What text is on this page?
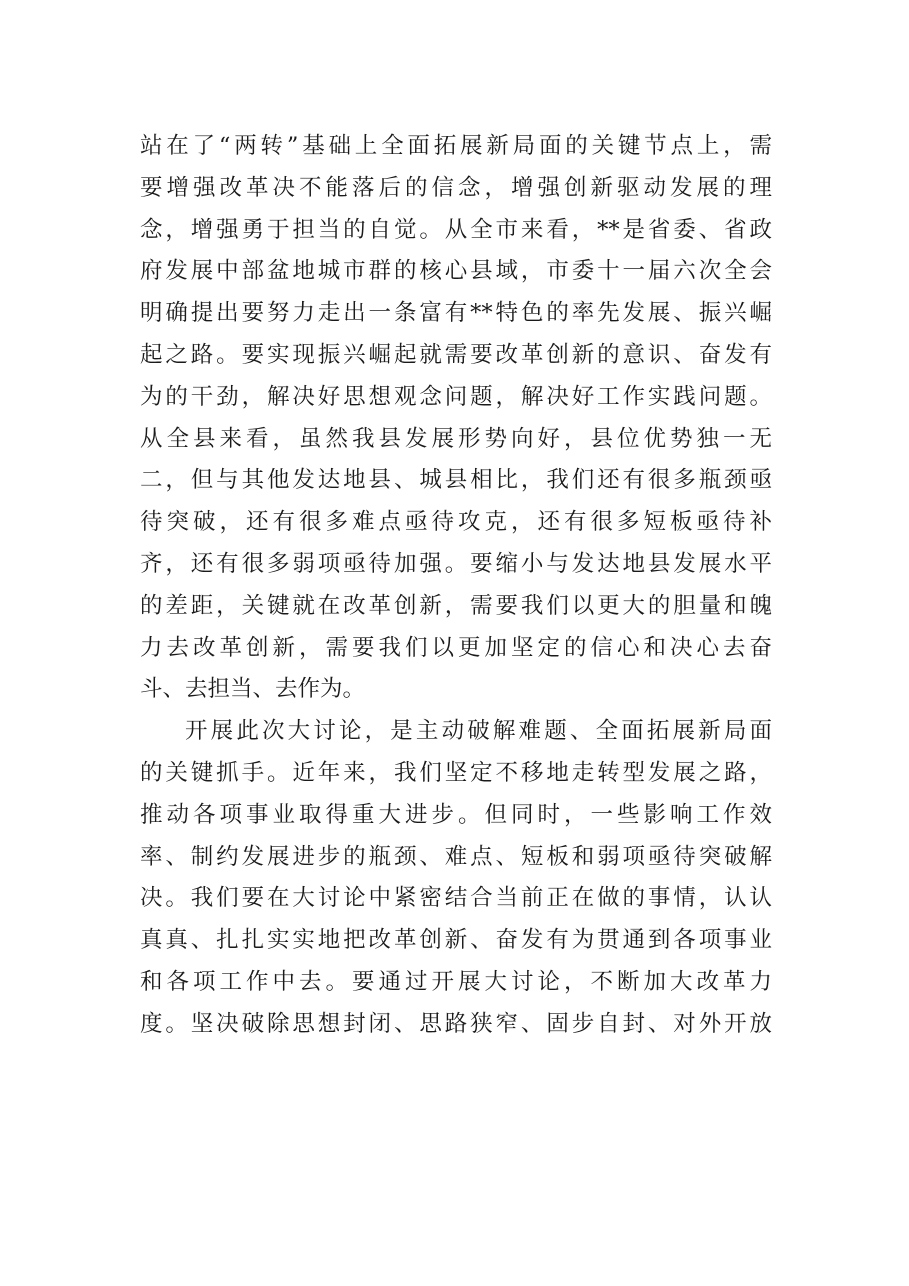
站在了“两转”基础上全面拓展新局面的关键节点上，需
要增强改革决不能落后的信念，增强创新驱动发展的理
念，增强勇于担当的自觉。从全市来看，**是省委、省政
府发展中部盆地城市群的核心县域，市委十一届六次全会
明确提出要努力走出一条富有**特色的率先发展、振兴崛
起之路。要实现振兴崛起就需要改革创新的意识、奋发有
为的干劲，解决好思想观念问题，解决好工作实践问题。
从全县来看，虽然我县发展形势向好，县位优势独一无
二，但与其他发达地县、城县相比，我们还有很多瓶颈亟
待突破，还有很多难点亟待攻克，还有很多短板亟待补
齐，还有很多弱项亟待加强。要缩小与发达地县发展水平
的差距，关键就在改革创新，需要我们以更大的胆量和魄
力去改革创新，需要我们以更加坚定的信心和决心去奋
斗、去担当、去作为。
开展此次大讨论，是主动破解难题、全面拓展新局面
的关键抓手。近年来，我们坚定不移地走转型发展之路，
推动各项事业取得重大进步。但同时，一些影响工作效
率、制约发展进步的瓶颈、难点、短板和弱项亟待突破解
决。我们要在大讨论中紧密结合当前正在做的事情，认认
真真、扎扎实实地把改革创新、奋发有为贯通到各项事业
和各项工作中去。要通过开展大讨论，不断加大改革力
度。坚决破除思想封闭、思路狭窄、固步自封、对外开放
